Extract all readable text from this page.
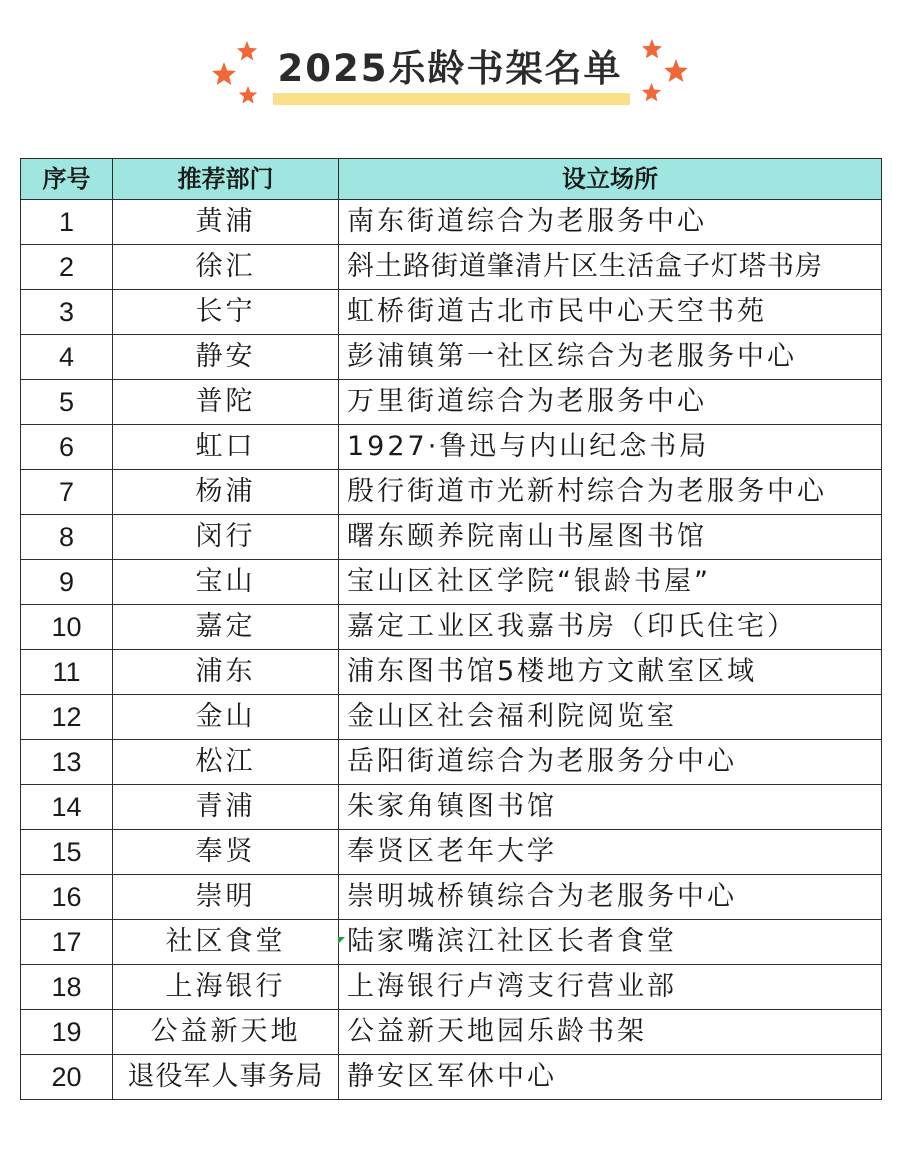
2025乐龄书架名单
序号	推荐部门	设立场所
1	黄浦	南东街道综合为老服务中心
2	徐汇	斜土路街道肇清片区生活盒子灯塔书房
3	长宁	虹桥街道古北市民中心天空书苑
4	静安	彭浦镇第一社区综合为老服务中心
5	普陀	万里街道综合为老服务中心
6	虹口	1927·鲁迅与内山纪念书局
7	杨浦	殷行街道市光新村综合为老服务中心
8	闵行	曙东颐养院南山书屋图书馆
9	宝山	宝山区社区学院“银龄书屋”
10	嘉定	嘉定工业区我嘉书房（印氏住宅）
11	浦东	浦东图书馆5楼地方文献室区域
12	金山	金山区社会福利院阅览室
13	松江	岳阳街道综合为老服务分中心
14	青浦	朱家角镇图书馆
15	奉贤	奉贤区老年大学
16	崇明	崇明城桥镇综合为老服务中心
17	社区食堂	陆家嘴滨江社区长者食堂
18	上海银行	上海银行卢湾支行营业部
19	公益新天地	公益新天地园乐龄书架
20	退役军人事务局	静安区军休中心
